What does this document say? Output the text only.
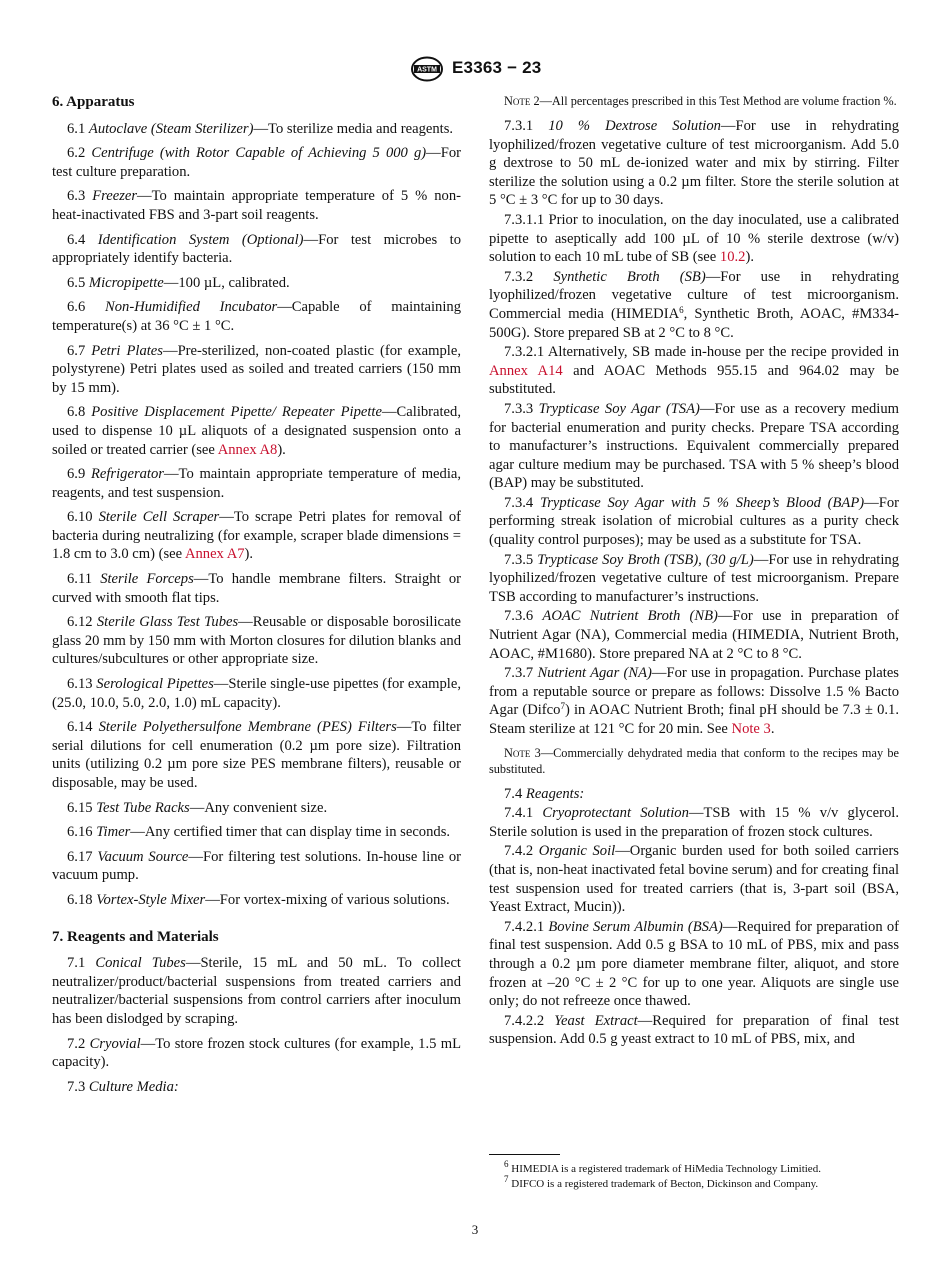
ASTM E3363 − 23
6. Apparatus

6.1 Autoclave (Steam Sterilizer)—To sterilize media and reagents.

6.2 Centrifuge (with Rotor Capable of Achieving 5 000 g)—For test culture preparation.

6.3 Freezer—To maintain appropriate temperature of 5 % non-heat-inactivated FBS and 3-part soil reagents.

6.4 Identification System (Optional)—For test microbes to appropriately identify bacteria.

6.5 Micropipette—100 µL, calibrated.

6.6 Non-Humidified Incubator—Capable of maintaining temperature(s) at 36 °C ± 1 °C.

6.7 Petri Plates—Pre-sterilized, non-coated plastic (for example, polystyrene) Petri plates used as soiled and treated carriers (150 mm by 15 mm).

6.8 Positive Displacement Pipette/ Repeater Pipette—Calibrated, used to dispense 10 µL aliquots of a designated suspension onto a soiled or treated carrier (see Annex A8).

6.9 Refrigerator—To maintain appropriate temperature of media, reagents, and test suspension.

6.10 Sterile Cell Scraper—To scrape Petri plates for removal of bacteria during neutralizing (for example, scraper blade dimensions = 1.8 cm to 3.0 cm) (see Annex A7).

6.11 Sterile Forceps—To handle membrane filters. Straight or curved with smooth flat tips.

6.12 Sterile Glass Test Tubes—Reusable or disposable borosilicate glass 20 mm by 150 mm with Morton closures for dilution blanks and cultures/subcultures or other appropriate size.

6.13 Serological Pipettes—Sterile single-use pipettes (for example, (25.0, 10.0, 5.0, 2.0, 1.0) mL capacity).

6.14 Sterile Polyethersulfone Membrane (PES) Filters—To filter serial dilutions for cell enumeration (0.2 µm pore size). Filtration units (utilizing 0.2 µm pore size PES membrane filters), reusable or disposable, may be used.

6.15 Test Tube Racks—Any convenient size.

6.16 Timer—Any certified timer that can display time in seconds.

6.17 Vacuum Source—For filtering test solutions. In-house line or vacuum pump.

6.18 Vortex-Style Mixer—For vortex-mixing of various solutions.

7. Reagents and Materials

7.1 Conical Tubes—Sterile, 15 mL and 50 mL. To collect neutralizer/product/bacterial suspensions from treated carriers and neutralizer/bacterial suspensions from control carriers after inoculum has been dislodged by scraping.

7.2 Cryovial—To store frozen stock cultures (for example, 1.5 mL capacity).

7.3 Culture Media:

Note 2—All percentages prescribed in this Test Method are volume fraction %.

7.3.1 10 % Dextrose Solution—For use in rehydrating lyophilized/frozen vegetative culture of test microorganism. Add 5.0 g dextrose to 50 mL de-ionized water and mix by stirring. Filter sterilize the solution using a 0.2 µm filter. Store the sterile solution at 5 °C ± 3 °C for up to 30 days.

7.3.1.1 Prior to inoculation, on the day inoculated, use a calibrated pipette to aseptically add 100 µL of 10 % sterile dextrose (w/v) solution to each 10 mL tube of SB (see 10.2).

7.3.2 Synthetic Broth (SB)—For use in rehydrating lyophilized/frozen vegetative culture of test microorganism. Commercial media (HIMEDIA$^6$, Synthetic Broth, AOAC, #M334-500G). Store prepared SB at 2 °C to 8 °C.

7.3.2.1 Alternatively, SB made in-house per the recipe provided in Annex A14 and AOAC Methods 955.15 and 964.02 may be substituted.

7.3.3 Trypticase Soy Agar (TSA)—For use as a recovery medium for bacterial enumeration and purity checks. Prepare TSA according to manufacturer’s instructions. Equivalent commercially prepared agar culture medium may be purchased. TSA with 5 % sheep’s blood (BAP) may be substituted.

7.3.4 Trypticase Soy Agar with 5 % Sheep’s Blood (BAP)—For performing streak isolation of microbial cultures as a purity check (quality control purposes); may be used as a substitute for TSA.

7.3.5 Trypticase Soy Broth (TSB), (30 g/L)—For use in rehydrating lyophilized/frozen vegetative culture of test microorganism. Prepare TSB according to manufacturer’s instructions.

7.3.6 AOAC Nutrient Broth (NB)—For use in preparation of Nutrient Agar (NA), Commercial media (HIMEDIA, Nutrient Broth, AOAC, #M1680). Store prepared NA at 2 °C to 8 °C.

7.3.7 Nutrient Agar (NA)—For use in propagation. Purchase plates from a reputable source or prepare as follows: Dissolve 1.5 % Bacto Agar (Difco$^7$) in AOAC Nutrient Broth; final pH should be 7.3 ± 0.1. Steam sterilize at 121 °C for 20 min. See Note 3.

Note 3—Commercially dehydrated media that conform to the recipes may be substituted.

7.4 Reagents:

7.4.1 Cryoprotectant Solution—TSB with 15 % v/v glycerol. Sterile solution is used in the preparation of frozen stock cultures.

7.4.2 Organic Soil—Organic burden used for both soiled carriers (that is, non-heat inactivated fetal bovine serum) and for creating final test suspension used for treated carriers (that is, 3-part soil (BSA, Yeast Extract, Mucin)).

7.4.2.1 Bovine Serum Albumin (BSA)—Required for preparation of final test suspension. Add 0.5 g BSA to 10 mL of PBS, mix and pass through a 0.2 µm pore diameter membrane filter, aliquot, and store frozen at –20 °C ± 2 °C for up to one year. Aliquots are single use only; do not refreeze once thawed.

7.4.2.2 Yeast Extract—Required for preparation of final test suspension. Add 0.5 g yeast extract to 10 mL of PBS, mix, and

$^6$ HIMEDIA is a registered trademark of HiMedia Technology Limitied.

$^7$ DIFCO is a registered trademark of Becton, Dickinson and Company.

3
